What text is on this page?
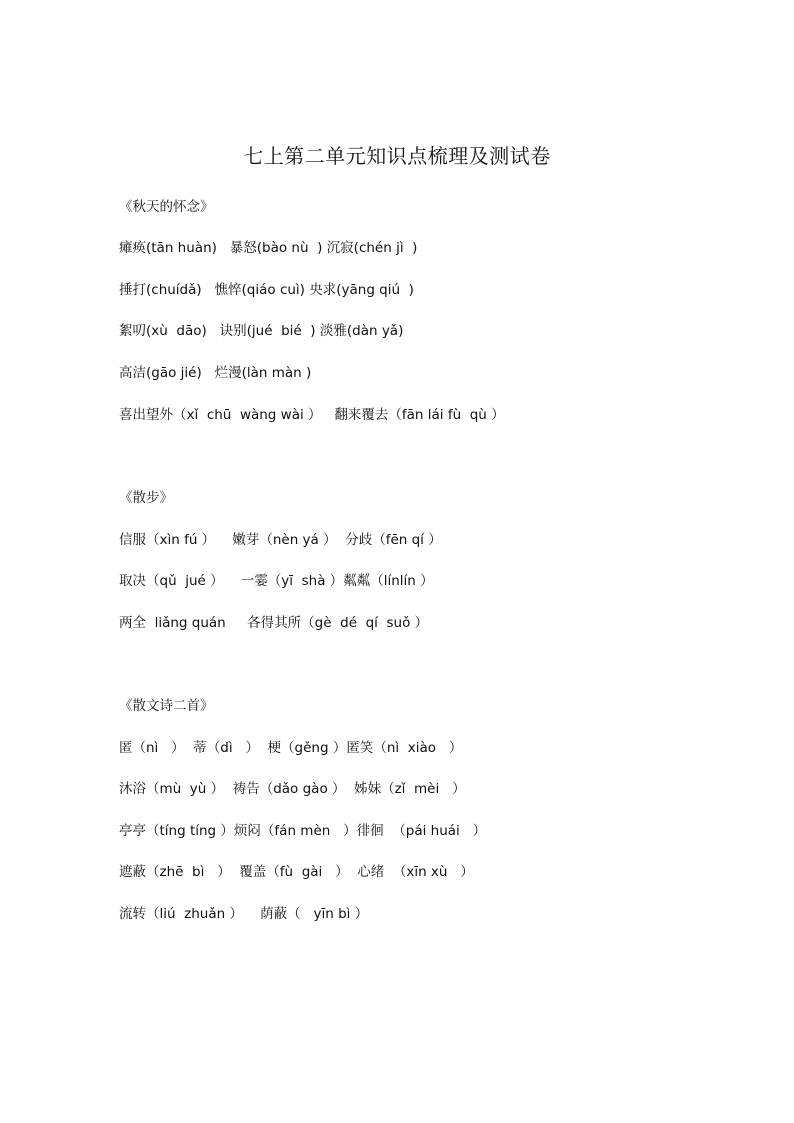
七上第二单元知识点梳理及测试卷
《秋天的怀念》
瘫痪(tān huàn)   暴怒(bào nù  ) 沉寂(chén jì  )
捶打(chuídǎ)   憔悴(qiáo cuì) 央求(yāng qiú  )
絮叨(xù  dāo)   诀别(jué  bié  ) 淡雅(dàn yǎ)
高洁(gāo jié)   烂漫(làn màn )
喜出望外（xǐ  chū  wàng wài ）   翻来覆去（fān lái fù  qù ）
《散步》
信服（xìn fú ）    嫩芽（nèn yá ）  分歧（fēn qí ）
取决（qǔ  jué ）    一霎（yī  shà ）粼粼（línlín ）
两全  liǎng quán     各得其所（gè  dé  qí  suǒ ）
《散文诗二首》
匿（nì   ）  蒂（dì   ）  梗（gěng ）匿笑（nì  xiào   ）
沐浴（mù  yù ）  祷告（dǎo gào ）  姊妹（zǐ  mèi   ）
亭亭（tíng tíng ）烦闷（fán mèn   ）徘徊  （pái huái   ）
遮蔽（zhē  bì   ）  覆盖（fù  gài   ）  心绪  （xīn xù   ）
流转（liú  zhuǎn ）    荫蔽（   yīn bì ）
